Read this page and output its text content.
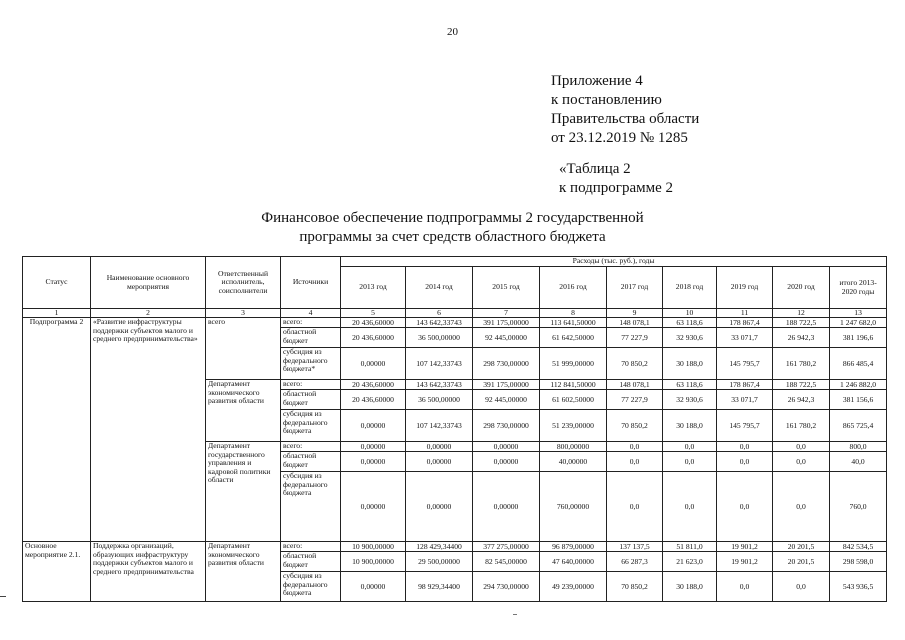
20
Приложение 4
к постановлению
Правительства области
от 23.12.2019 № 1285
«Таблица 2
к подпрограмме 2
Финансовое обеспечение подпрограммы 2 государственной
программы за счет средств областного бюджета
Статус	Наименование основного мероприятия	Ответственный исполнитель, соисполнители	Источники	Расходы (тыс. руб.), годы								
				2013 год	2014 год	2015 год	2016 год	2017 год	2018 год	2019 год	2020 год	итого 2013-2020 годы
1	2	3	4	5	6	7	8	9	10	11	12	13
Подпрограмма 2	«Развитие инфраструктуры поддержки субъектов малого и среднего предпринимательства»	всего	всего:	20 436,60000	143 642,33743	391 175,00000	113 641,50000	148 078,1	63 118,6	178 867,4	188 722,5	1 247 682,0
			областной бюджет	20 436,60000	36 500,00000	92 445,00000	61 642,50000	77 227,9	32 930,6	33 071,7	26 942,3	381 196,6
			субсидия из федерального бюджета*	0,00000	107 142,33743	298 730,00000	51 999,00000	70 850,2	30 188,0	145 795,7	161 780,2	866 485,4
		Департамент экономического развития области	всего:	20 436,60000	143 642,33743	391 175,00000	112 841,50000	148 078,1	63 118,6	178 867,4	188 722,5	1 246 882,0
			областной бюджет	20 436,60000	36 500,00000	92 445,00000	61 602,50000	77 227,9	32 930,6	33 071,7	26 942,3	381 156,6
			субсидия из федерального бюджета	0,00000	107 142,33743	298 730,00000	51 239,00000	70 850,2	30 188,0	145 795,7	161 780,2	865 725,4
		Департамент государственного управления и кадровой политики области	всего:	0,00000	0,00000	0,00000	800,00000	0,0	0,0	0,0	0,0	800,0
			областной бюджет	0,00000	0,00000	0,00000	40,00000	0,0	0,0	0,0	0,0	40,0
			субсидия из федерального бюджета	0,00000	0,00000	0,00000	760,00000	0,0	0,0	0,0	0,0	760,0
Основное мероприятие 2.1.	Поддержка организаций, образующих инфраструктуру поддержки субъектов малого и среднего предпринимательства	Департамент экономического развития области	всего:	10 900,00000	128 429,34400	377 275,00000	96 879,00000	137 137,5	51 811,0	19 901,2	20 201,5	842 534,5
			областной бюджет	10 900,00000	29 500,00000	82 545,00000	47 640,00000	66 287,3	21 623,0	19 901,2	20 201,5	298 598,0
			субсидия из федерального бюджета	0,00000	98 929,34400	294 730,00000	49 239,00000	70 850,2	30 188,0	0,0	0,0	543 936,5
